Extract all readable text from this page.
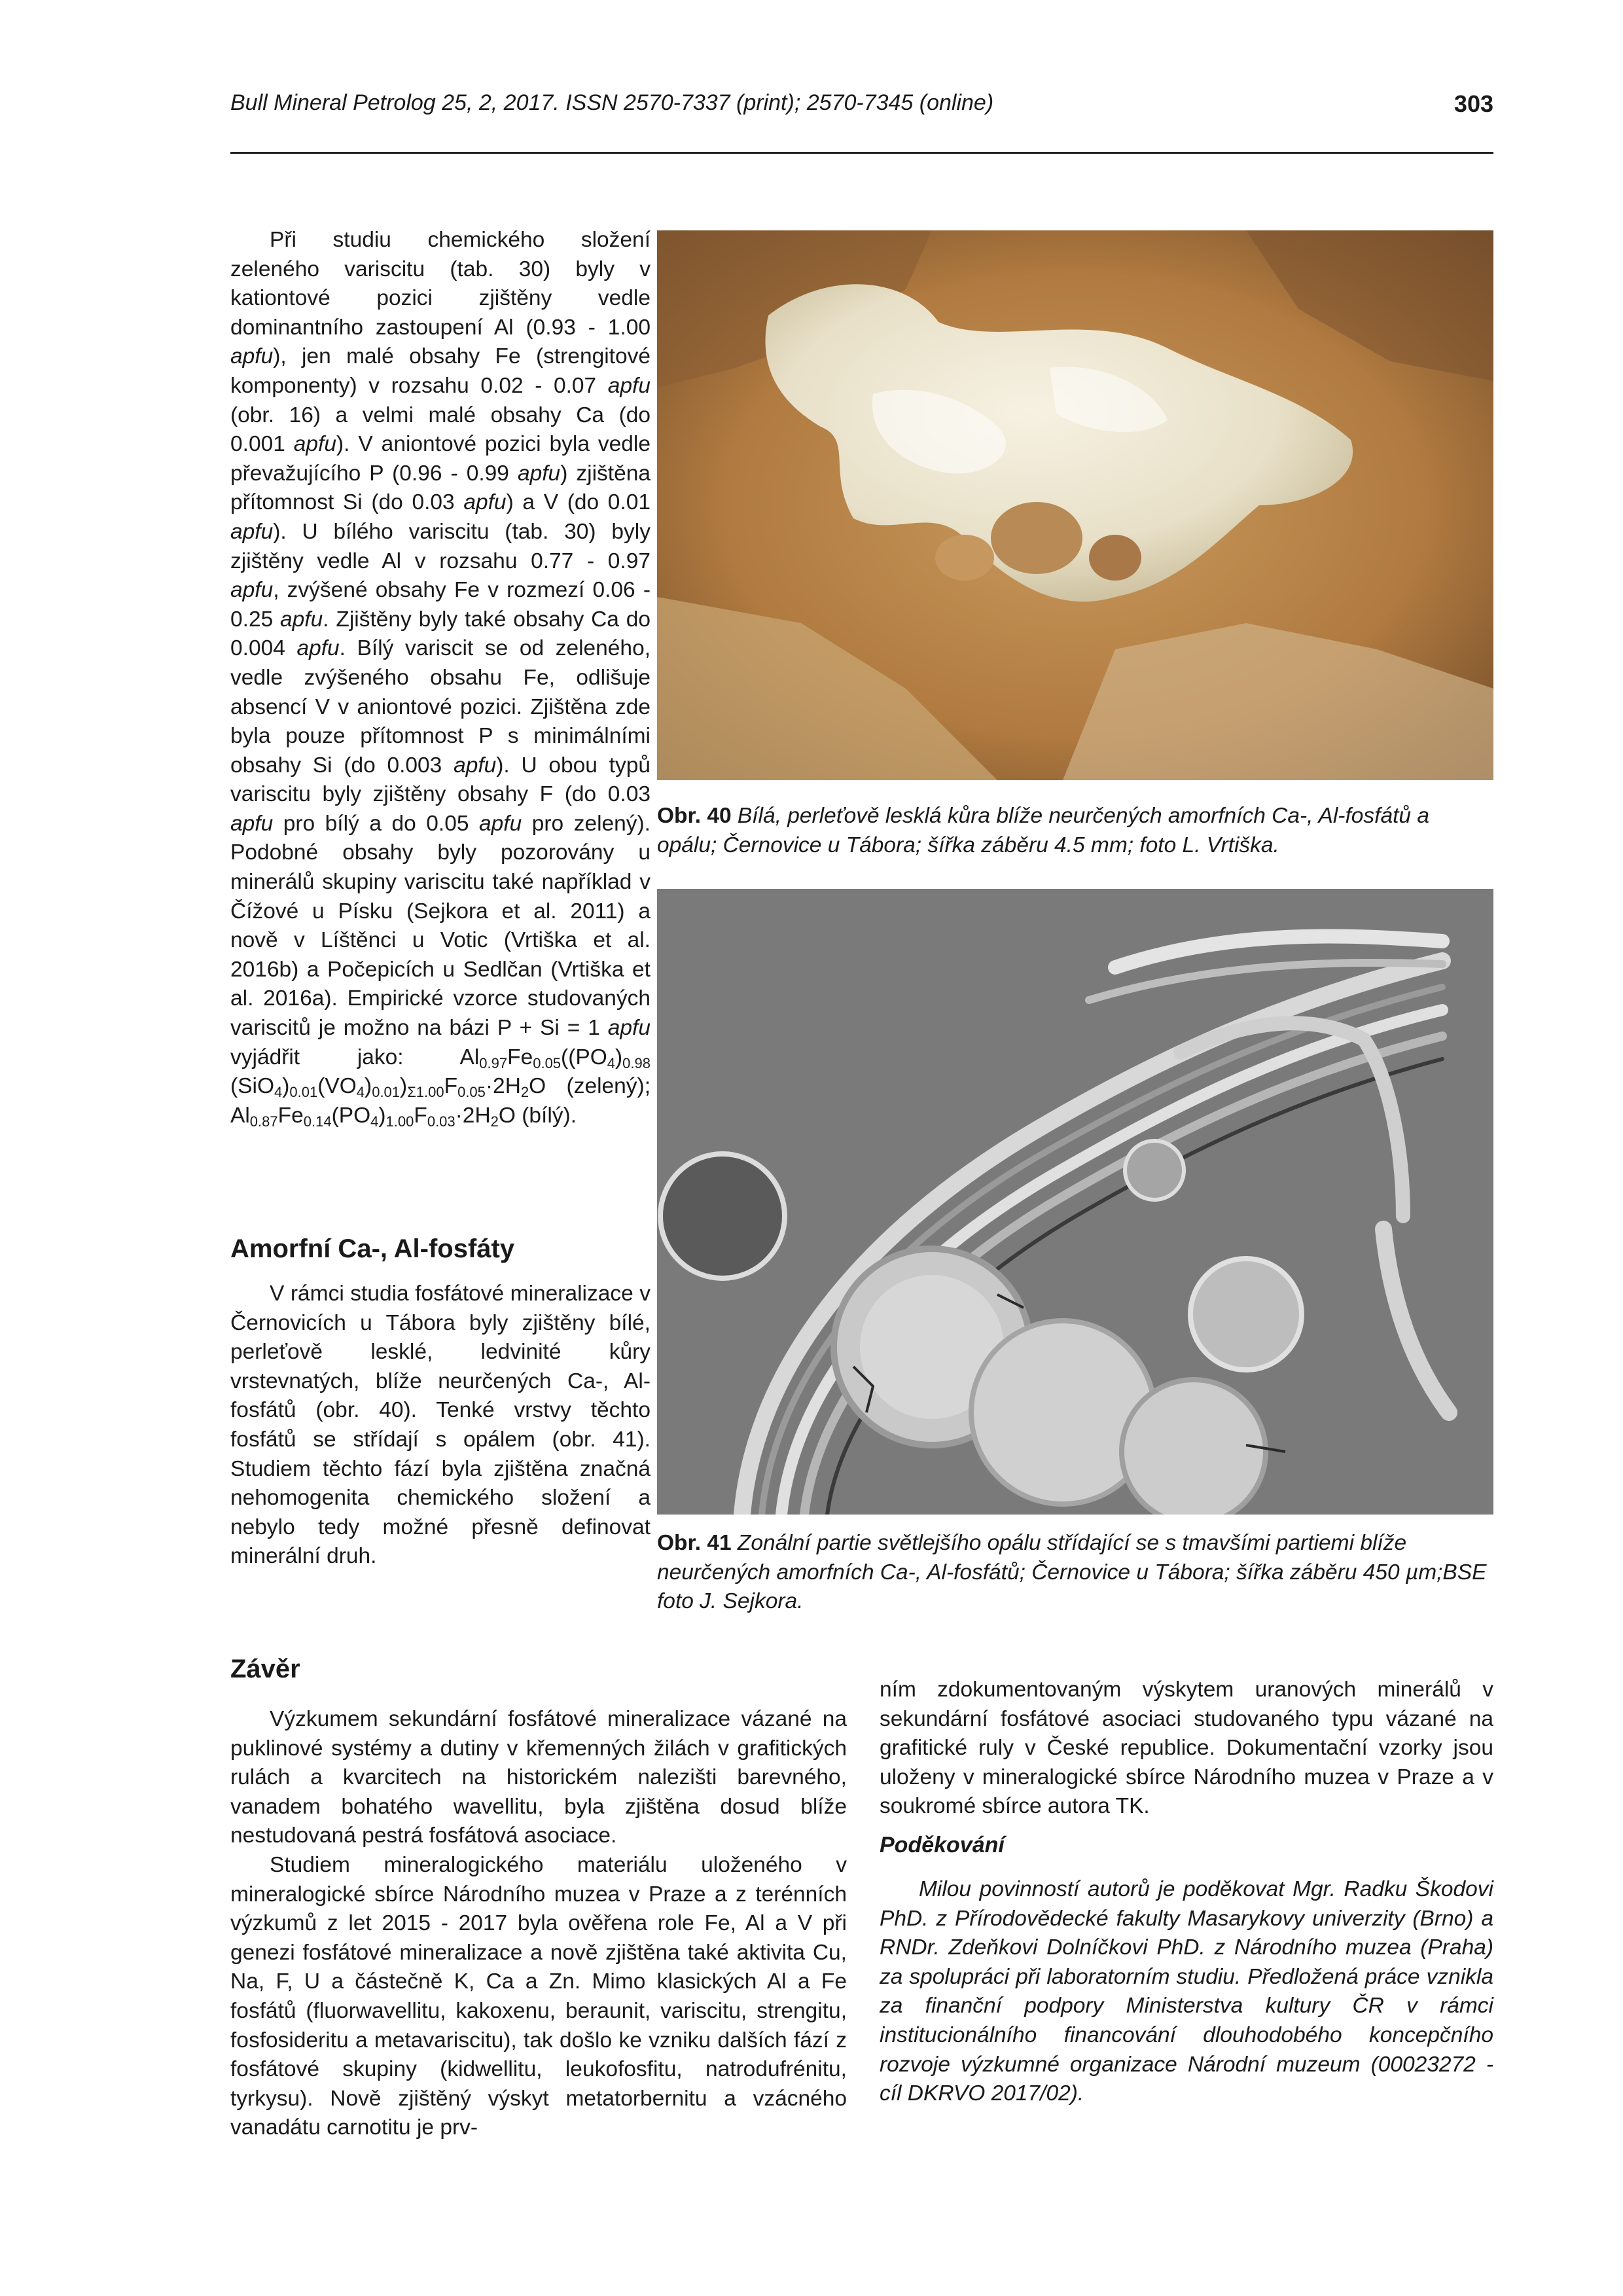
Bull Mineral Petrolog 25, 2, 2017. ISSN 2570-7337 (print); 2570-7345 (online)	303

Při studiu chemického složení zeleného variscitu (tab. 30) byly v kationtové pozici zjištěny vedle dominantního zastoupení Al (0.93 - 1.00 apfu), jen malé obsahy Fe (strengitové komponenty) v rozsahu 0.02 - 0.07 apfu (obr. 16) a velmi malé obsahy Ca (do 0.001 apfu). V aniontové pozici byla vedle převažujícího P (0.96 - 0.99 apfu) zjištěna přítomnost Si (do 0.03 apfu) a V (do 0.01 apfu). U bílého variscitu (tab. 30) byly zjištěny vedle Al v rozsahu 0.77 - 0.97 apfu, zvýšené obsahy Fe v rozmezí 0.06 - 0.25 apfu. Zjištěny byly také obsahy Ca do 0.004 apfu. Bílý variscit se od zeleného, vedle zvýšeného obsahu Fe, odlišuje absencí V v aniontové pozici. Zjištěna zde byla pouze přítomnost P s minimálními obsahy Si (do 0.003 apfu). U obou typů variscitu byly zjištěny obsahy F (do 0.03 apfu pro bílý a do 0.05 apfu pro zelený). Podobné obsahy byly pozorovány u minerálů skupiny variscitu také například v Čížové u Písku (Sejkora et al. 2011) a nově v Líštěnci u Votic (Vrtiška et al. 2016b) a Počepicích u Sedlčan (Vrtiška et al. 2016a). Empirické vzorce studovaných variscitů je možno na bázi P + Si = 1 apfu vyjádřit jako: $Al_{0.97}Fe_{0.05}((PO_4)_{0.98}$ $(SiO_4)_{0.01}(VO_4)_{0.01})_{\Sigma 1.00}F_{0.05}\cdot 2H_2O$ (zelený); $Al_{0.87}Fe_{0.14}(PO_4)_{1.00}F_{0.03}\cdot 2H_2O$ (bílý).

Amorfní Ca-, Al-fosfáty

V rámci studia fosfátové mineralizace v Černovicích u Tábora byly zjištěny bílé, perleťově lesklé, ledvinité kůry vrstevnatých, blíže neurčených Ca-, Al-fosfátů (obr. 40). Tenké vrstvy těchto fosfátů se střídají s opálem (obr. 41). Studiem těchto fází byla zjištěna značná nehomogenita chemického složení a nebylo tedy možné přesně definovat minerální druh.

Obr. 40 Bílá, perleťově lesklá kůra blíže neurčených amorfních Ca-, Al-fosfátů a opálu; Černovice u Tábora; šířka záběru 4.5 mm; foto L. Vrtiška.
Obr. 41 Zonální partie světlejšího opálu střídající se s tmavšími partiemi blíže neurčených amorfních Ca-, Al-fosfátů; Černovice u Tábora; šířka záběru 450 µm;BSE foto J. Sejkora.
Závěr

Výzkumem sekundární fosfátové mineralizace vázané na puklinové systémy a dutiny v křemenných žilách v grafitických rulách a kvarcitech na historickém nalezišti barevného, vanadem bohatého wavellitu, byla zjištěna dosud blíže nestudovaná pestrá fosfátová asociace.

Studiem mineralogického materiálu uloženého v mineralogické sbírce Národního muzea v Praze a z terénních výzkumů z let 2015 - 2017 byla ověřena role Fe, Al a V při genezi fosfátové mineralizace a nově zjištěna také aktivita Cu, Na, F, U a částečně K, Ca a Zn. Mimo klasických Al a Fe fosfátů (fluorwavellitu, kakoxenu, beraunit, variscitu, strengitu, fosfosideritu a metavariscitu), tak došlo ke vzniku dalších fází z fosfátové skupiny (kidwellitu, leukofosfitu, natrodufrénitu, tyrkysu). Nově zjištěný výskyt metatorbernitu a vzácného vanadátu carnotitu je prv-

ním zdokumentovaným výskytem uranových minerálů v sekundární fosfátové asociaci studovaného typu vázané na grafitické ruly v České republice. Dokumentační vzorky jsou uloženy v mineralogické sbírce Národního muzea v Praze a v soukromé sbírce autora TK.

Poděkování

Milou povinností autorů je poděkovat Mgr. Radku Škodovi PhD. z Přírodovědecké fakulty Masarykovy univerzity (Brno) a RNDr. Zdeňkovi Dolníčkovi PhD. z Národního muzea (Praha) za spolupráci při laboratorním studiu. Předložená práce vznikla za finanční podpory Ministerstva kultury ČR v rámci institucionálního financování dlouhodobého koncepčního rozvoje výzkumné organizace Národní muzeum (00023272 - cíl DKRVO 2017/02).
